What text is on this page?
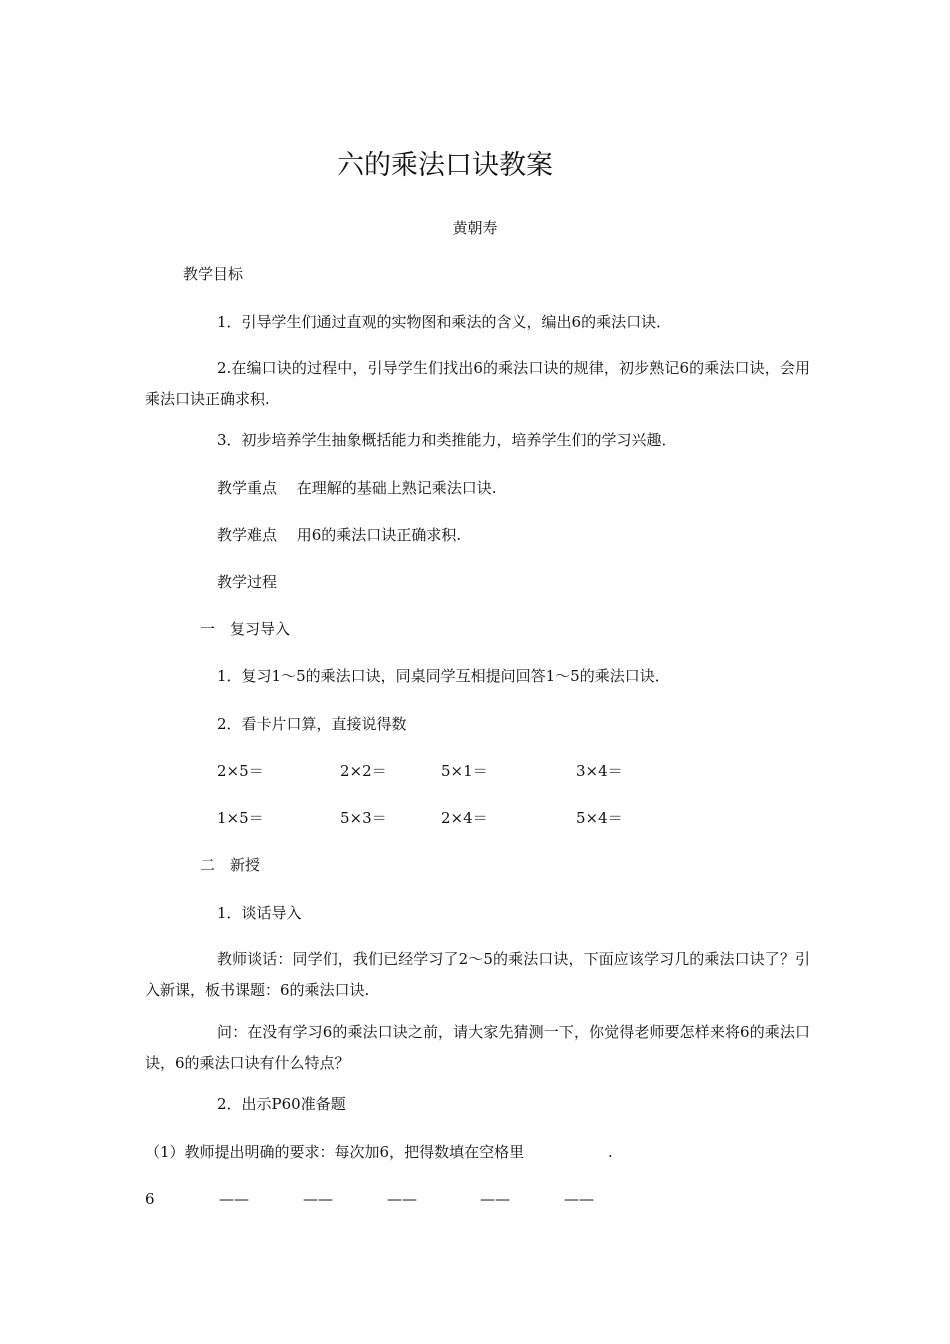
六的乘法口诀教案
黄朝寿
教学目标
1．引导学生们通过直观的实物图和乘法的含义，编出6的乘法口诀．
2.在编口诀的过程中，引导学生们找出6的乘法口诀的规律，初步熟记6的乘法口诀，会用乘法口诀正确求积.
3．初步培养学生抽象概括能力和类推能力，培养学生们的学习兴趣．
教学重点　 在理解的基础上熟记乘法口诀.
教学难点　 用6的乘法口诀正确求积.
教学过程
一　复习导入
1．复习1～5的乘法口诀，同桌同学互相提问回答1～5的乘法口诀．
2．看卡片口算，直接说得数
2×5＝	2×2＝	5×1＝	3×4＝
1×5＝	5×3＝	2×4＝	5×4＝
二　新授
1．谈话导入
教师谈话：同学们，我们已经学习了2～5的乘法口诀，下面应该学习几的乘法口诀了？引入新课，板书课题：6的乘法口诀.
问：在没有学习6的乘法口诀之前，请大家先猜测一下，你觉得老师要怎样来将6的乘法口诀，6的乘法口诀有什么特点？
2．出示P60准备题
（1）教师提出明确的要求：每次加6，把得数填在空格里	.
6	——	——	——	——	——
